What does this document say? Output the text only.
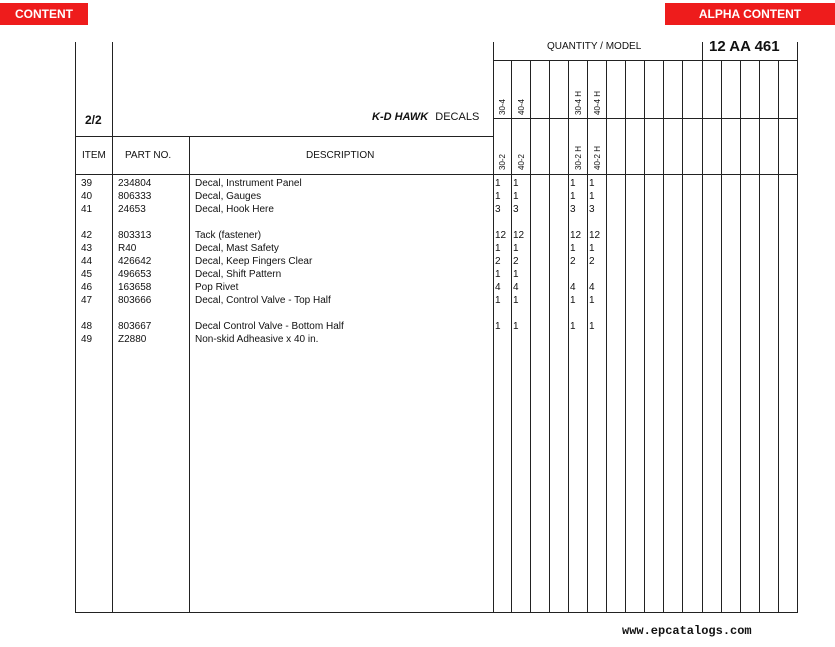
CONTENT	ALPHA CONTENT
2/2	K-D HAWK DECALS
QUANTITY / MODEL	12 AA 461
ITEM PART NO.	DESCRIPTION
30-4 40-4	30-4 H 40-4 H
30-2 40-2	30-2 H 40-2 H
39	234804	Decal, Instrument Panel	1 1	1 1
40	806333	Decal, Gauges	1 1	1 1
41	24653	Decal, Hook Here	3 3	3 3
42	803313	Tack (fastener)	12 12	12 12
43	R40	Decal, Mast Safety	1 1	1 1
44	426642	Decal, Keep Fingers Clear	2 2	2 2
45	496653	Decal, Shift Pattern	1 1
46	163658	Pop Rivet	4 4	4 4
47	803666	Decal, Control Valve - Top Half	1 1	1 1
48	803667	Decal Control Valve - Bottom Half	1 1	1 1
49	Z2880	Non-skid Adheasive x 40 in.
www.epcatalogs.com
